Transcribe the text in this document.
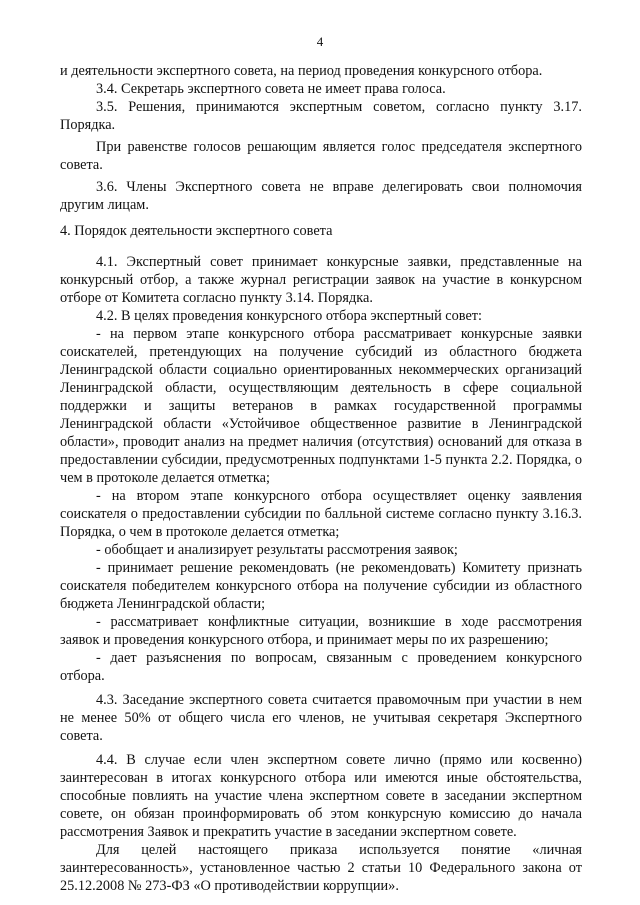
4

и деятельности экспертного совета, на период проведения конкурсного отбора.

3.4. Секретарь экспертного совета не имеет права голоса.

3.5. Решения, принимаются экспертным советом, согласно пункту 3.17. Порядка.

При равенстве голосов решающим является голос председателя экспертного совета.

3.6. Члены Экспертного совета не вправе делегировать свои полномочия другим лицам.

4. Порядок деятельности экспертного совета

4.1. Экспертный совет принимает конкурсные заявки, представленные на конкурсный отбор, а также журнал регистрации заявок на участие в конкурсном отборе от Комитета согласно пункту 3.14. Порядка.

4.2. В целях проведения конкурсного отбора экспертный совет:

- на первом этапе конкурсного отбора рассматривает конкурсные заявки соискателей, претендующих на получение субсидий из областного бюджета Ленинградской области социально ориентированных некоммерческих организаций Ленинградской области, осуществляющим деятельность в сфере социальной поддержки и защиты ветеранов в рамках государственной программы Ленинградской области «Устойчивое общественное развитие в Ленинградской области», проводит анализ на предмет наличия (отсутствия) оснований для отказа в предоставлении субсидии, предусмотренных подпунктами 1-5 пункта 2.2. Порядка, о чем в протоколе делается отметка;

- на втором этапе конкурсного отбора осуществляет оценку заявления соискателя о предоставлении субсидии по балльной системе согласно пункту 3.16.3. Порядка, о чем в протоколе делается отметка;

- обобщает и анализирует результаты рассмотрения заявок;

- принимает решение рекомендовать (не рекомендовать) Комитету признать соискателя победителем конкурсного отбора на получение субсидии из областного бюджета Ленинградской области;

- рассматривает конфликтные ситуации, возникшие в ходе рассмотрения заявок и проведения конкурсного отбора, и принимает меры по их разрешению;

- дает разъяснения по вопросам, связанным с проведением конкурсного отбора.

4.3. Заседание экспертного совета считается правомочным при участии в нем не менее 50% от общего числа его членов, не учитывая секретаря Экспертного совета.

4.4. В случае если член экспертном совете лично (прямо или косвенно) заинтересован в итогах конкурсного отбора или имеются иные обстоятельства, способные повлиять на участие члена экспертном совете в заседании экспертном совете, он обязан проинформировать об этом конкурсную комиссию до начала рассмотрения Заявок и прекратить участие в заседании экспертном совете.

Для целей настоящего приказа используется понятие «личная заинтересованность», установленное частью 2 статьи 10 Федерального закона от 25.12.2008 № 273-ФЗ «О противодействии коррупции».
